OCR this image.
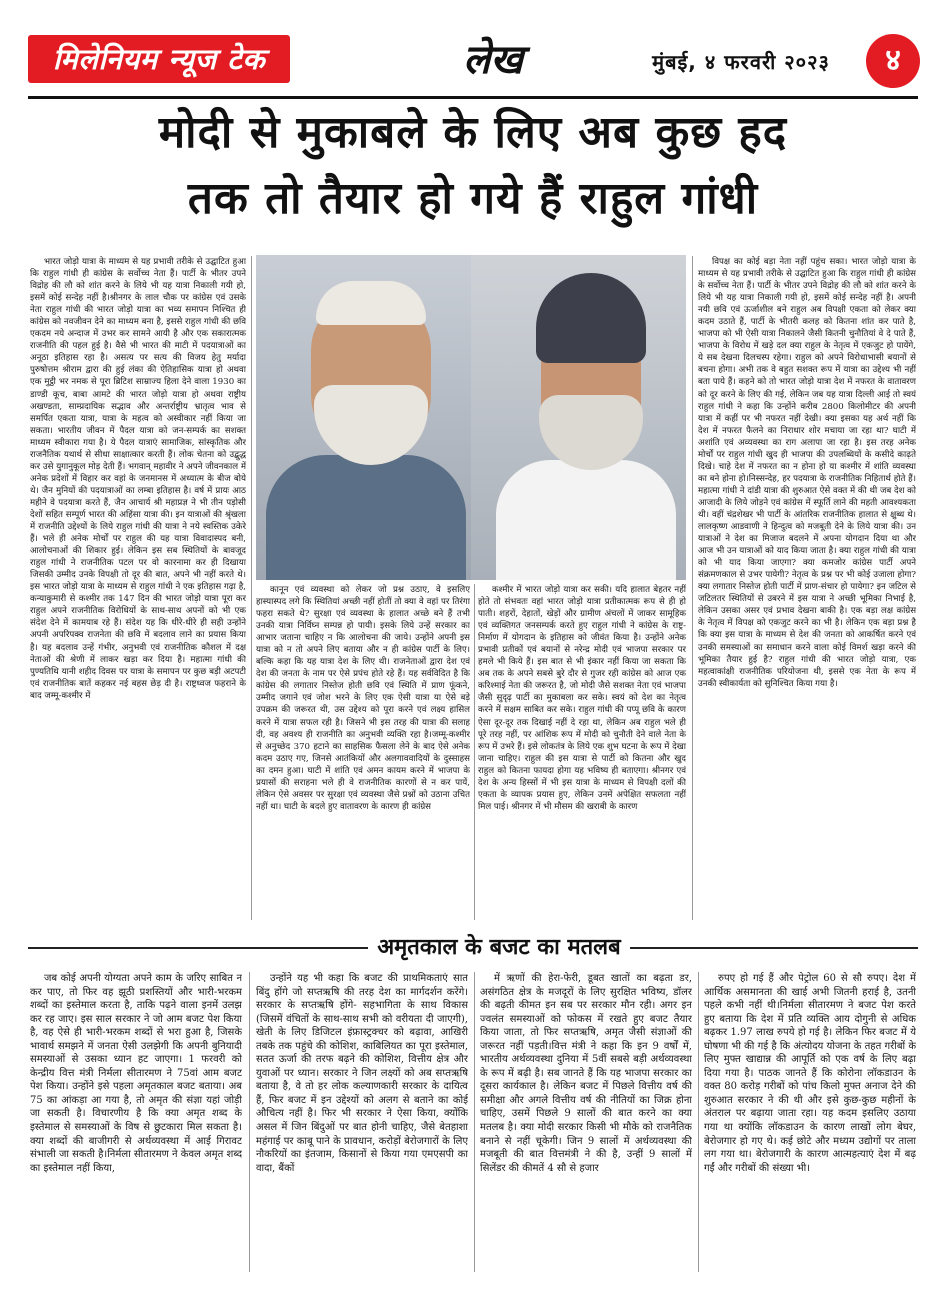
मिलेनियम न्यूज टेक	लेख	मुंबई, ४ फरवरी २०२३	४
मोदी से मुकाबले के लिए अब कुछ हद
तक तो तैयार हो गये हैं राहुल गांधी

भारत जोड़ो यात्रा के माध्यम से यह प्रभावी तरीके से उद्घाटित हुआ कि राहुल गांधी ही कांग्रेस के सर्वोच्च नेता हैं। पार्टी के भीतर उपने विद्रोह की लौ को शांत करने के लिये भी यह यात्रा निकाली गयी हो, इसमें कोई सन्देह नहीं है।श्रीनगर के लाल चौक पर कांग्रेस एवं उसके नेता राहुल गांधी की भारत जोड़ो यात्रा का भव्य समापन निश्चित ही कांग्रेस को नवजीवन देने का माध्यम बना है, इससे राहुल गांधी की छवि एकदम नये अन्दाज में उभर कर सामने आयी है और एक सकारात्मक राजनीति की पहल हुई है। वैसे भी भारत की माटी में पदयात्राओं का अनूठा इतिहास रहा है। असत्य पर सत्य की विजय हेतु मर्यादा पुरुषोत्तम श्रीराम द्वारा की हुई लंका की ऐतिहासिक यात्रा हो अथवा एक मुट्ठी भर नमक से पूरा ब्रिटिश साम्राज्य हिला देने वाला 1930 का डाण्डी कूच, बाबा आमटे की भारत जोड़ो यात्रा हो अथवा राष्ट्रीय अखण्डता, साम्प्रदायिक सद्भाव और अन्तर्राष्ट्रीय भ्रातृत्व भाव से समर्पित एकता यात्रा, यात्रा के महत्व को अस्वीकार नहीं किया जा सकता। भारतीय जीवन में पैदल यात्रा को जन-सम्पर्क का सशक्त माध्यम स्वीकारा गया है। ये पैदल यात्राएं सामाजिक, सांस्कृतिक और राजनैतिक यथार्थ से सीधा साक्षात्कार करती हैं। लोक चेतना को उद्बुद्ध कर उसे युगानुकूल मोड़ देती हैं। भगवान् महावीर ने अपने जीवनकाल में अनेक प्रदेशों में विहार कर वहां के जनमानस में अध्यात्म के बीज बोये थे। जैन मुनियों की पदयात्राओं का लम्बा इतिहास है। वर्ष में प्रायः आठ महीने वे पदयात्रा करते हैं, जैन आचार्य श्री महाप्रज्ञ ने भी तीन पड़ोसी देशों सहित सम्पूर्ण भारत की अहिंसा यात्रा की। इन यात्राओं की श्रृंखला में राजनीति उद्देश्यों के लिये राहुल गांधी की यात्रा ने नये स्वस्तिक उकेरे हैं। भले ही अनेक मोर्चों पर राहुल की यह यात्रा विवादास्पद बनी, आलोचनाओं की शिकार हुई। लेकिन इस सब स्थितियों के बावजूद राहुल गांधी ने राजनीतिक पटल पर वो कारनामा कर ही दिखाया जिसकी उम्मीद उनके विपक्षी तो दूर की बात, अपने भी नहीं करते थे। इस भारत जोड़ो यात्रा के माध्यम से राहुल गांधी ने एक इतिहास गढ़ा है, कन्याकुमारी से कश्मीर तक 147 दिन की भारत जोड़ो यात्रा पूरा कर राहुल अपने राजनीतिक विरोधियों के साथ-साथ अपनों को भी एक संदेश देने में कामयाब रहे हैं। संदेश यह कि धीरे-धीरे ही सही उन्होंने अपनी अपरिपक्व राजनेता की छवि में बदलाव लाने का प्रयास किया है। यह बदलाव उन्हें गंभीर, अनुभवी एवं राजनीतिक कौशल में दक्ष नेताओं की श्रेणी में लाकर खड़ा कर दिया है। महात्मा गांधी की पुण्यतिथि यानी शहीद दिवस पर यात्रा के समापन पर कुछ बड़ी अटपटी एवं राजनीतिक बातें कहकर नई बहस छेड़ दी है। राष्ट्रध्वज फहराने के बाद जम्मू-कश्मीर में

कानून एवं व्यवस्था को लेकर जो प्रश्न उठाए, वे इसलिए हास्यास्पद लगे कि स्थितियां अच्छी नहीं होतीं तो क्या वे वहां पर तिरंगा फहरा सकते थे? सुरक्षा एवं व्यवस्था के हालात अच्छे बने हैं तभी उनकी यात्रा निर्विघ्न सम्पन्न हो पायी। इसके लिये उन्हें सरकार का आभार जताना चाहिए न कि आलोचना की जाये। उन्होंने अपनी इस यात्रा को न तो अपने लिए बताया और न ही कांग्रेस पार्टी के लिए। बल्कि कहा कि यह यात्रा देश के लिए थी। राजनेताओं द्वारा देश एवं देश की जनता के नाम पर ऐसे प्रपंच होते रहे हैं। यह सर्वविदित है कि कांग्रेस की लगातार निस्तेज होती छवि एवं स्थिति में प्राण फूंकने, उम्मीद जगाने एवं जोश भरने के लिए एक ऐसी यात्रा या ऐसे बड़े उपक्रम की जरूरत थी, उस उद्देश्य को पूरा करने एवं लक्ष्य हासिल करने में यात्रा सफल रही है। जिसने भी इस तरह की यात्रा की सलाह दी, वह अवश्य ही राजनीति का अनुभवी व्यक्ति रहा है।जम्मू-कश्मीर से अनुच्छेद 370 हटाने का साहसिक फैसला लेने के बाद ऐसे अनेक कदम उठाए गए, जिनसे आतंकियों और अलगाववादियों के दुस्साहस का दमन हुआ। घाटी में शांति एवं अमन कायम करने में भाजपा के प्रयासों की सराहना भले ही वे राजनीतिक कारणों से न कर पायें, लेकिन ऐसे अवसर पर सुरक्षा एवं व्यवस्था जैसे प्रश्नों को उठाना उचित नहीं था। घाटी के बदले हुए वातावरण के कारण ही कांग्रेस

कश्मीर में भारत जोड़ो यात्रा कर सकी। यदि हालात बेहतर नहीं होते तो संभवतः वहां भारत जोड़ो यात्रा प्रतीकात्मक रूप से ही हो पाती। शहरों, देहातों, खेड़ों और ग्रामीण अंचलों में जाकर सामूहिक एवं व्यक्तिगत जनसम्पर्क करते हुए राहुल गांधी ने कांग्रेस के राष्ट्र-निर्माण में योगदान के इतिहास को जीवंत किया है। उन्होंने अनेक प्रभावी प्रतीकों एवं बयानों से नरेन्द्र मोदी एवं भाजपा सरकार पर हमले भी किये हैं। इस बात से भी इंकार नहीं किया जा सकता कि अब तक के अपने सबसे बुरे दौर से गुजर रही कांग्रेस को आज एक करिश्माई नेता की जरूरत है, जो मोदी जैसे सशक्त नेता एवं भाजपा जैसी सुदृढ़ पार्टी का मुकाबला कर सके। स्वयं को देश का नेतृत्व करने में सक्षम साबित कर सके। राहुल गांधी की पप्पू छवि के कारण ऐसा दूर-दूर तक दिखाई नहीं दे रहा था, लेकिन अब राहुल भले ही पूरे तरह नहीं, पर आंशिक रूप में मोदी को चुनौती देने वाले नेता के रूप में उभरे हैं। इसे लोकतंत्र के लिये एक शुभ घटना के रूप में देखा जाना चाहिए। राहुल की इस यात्रा से पार्टी को कितना और खुद राहुल को कितना फायदा होगा यह भविष्य ही बताएगा। श्रीनगर एवं देश के अन्य हिस्सों में भी इस यात्रा के माध्यम से विपक्षी दलों की एकता के व्यापक प्रयास हुए, लेकिन उनमें अपेक्षित सफलता नहीं मिल पाई। श्रीनगर में भी मौसम की खराबी के कारण

विपक्ष का कोई बड़ा नेता नहीं पहुंच सका। भारत जोड़ो यात्रा के माध्यम से यह प्रभावी तरीके से उद्घाटित हुआ कि राहुल गांधी ही कांग्रेस के सर्वोच्च नेता हैं। पार्टी के भीतर उपने विद्रोह की लौ को शांत करने के लिये भी यह यात्रा निकाली गयी हो, इसमें कोई सन्देह नहीं है। अपनी नयी छवि एवं ऊर्जाशील बने राहुल अब विपक्षी एकता को लेकर क्या कदम उठाते हैं, पार्टी के भीतरी कलह को कितना शांत कर पाते है, भाजपा को भी ऐसी यात्रा निकालने जैसी कितनी चुनौतियां वे दे पाते हैं, भाजपा के विरोध में खड़े दल क्या राहुल के नेतृत्व में एकजुट हो पायेंगे, ये सब देखना दिलचस्प रहेगा। राहुल को अपने विरोधाभासी बयानों से बचना होगा। अभी तक वे बहुत सशक्त रूप में यात्रा का उद्देश्य भी नहीं बता पाये हैं। कहने को तो भारत जोड़ो यात्रा देश में नफरत के वातावरण को दूर करने के लिए की गई, लेकिन जब यह यात्रा दिल्ली आई तो स्वयं राहुल गांधी ने कहा कि उन्होंने करीब 2800 किलोमीटर की अपनी यात्रा में कहीं पर भी नफरत नहीं देखी। क्या इसका यह अर्थ नहीं कि देश में नफरत फैलने का निराधार शोर मचाया जा रहा था? घाटी में अशांति एवं अव्यवस्था का राग अलापा जा रहा है। इस तरह अनेक मोर्चों पर राहुल गांधी खुद ही भाजपा की उपलब्धियों के कसीदे काढ़ते दिखे। चाहे देश में नफरत का न होना हो या कश्मीर में शांति व्यवस्था का बने होना हो।निस्सन्देह, हर पदयात्रा के राजनीतिक निहितार्थ होते हैं। महात्मा गांधी ने दांडी यात्रा की शुरुआत ऐसे वक्त में की थी जब देश को आजादी के लिये जोड़ने एवं कांग्रेस में स्फूर्ति लाने की महती आवश्यकता थी। वहीं चंद्रशेखर भी पार्टी के आंतरिक राजनीतिक हालात से क्षुब्ध थे। लालकृष्ण आडवाणी ने हिन्दुत्व को मजबूती देने के लिये यात्रा की। उन यात्राओं ने देश का मिजाज बदलने में अपना योगदान दिया था और आज भी उन यात्राओं को याद किया जाता है। क्या राहुल गांधी की यात्रा को भी याद किया जाएगा? क्या कमजोर कांग्रेस पार्टी अपने संक्रमणकाल से उभर पायेगी? नेतृत्व के प्रश्न पर भी कोई उजाला होगा? क्या लगातार निस्तेज होती पार्टी में प्राण-संचार हो पायेगा? इन जटिल से जटिलतर स्थितियों से उबरने में इस यात्रा ने अच्छी भूमिका निभाई है, लेकिन उसका असर एवं प्रभाव देखना बाकी है। एक बड़ा लक्ष कांग्रेस के नेतृत्व में विपक्ष को एकजुट करने का भी है। लेकिन एक बड़ा प्रश्न है कि क्या इस यात्रा के माध्यम से देश की जनता को आकर्षित करने एवं उनकी समस्याओं का समाधान करने वाला कोई विमर्श खड़ा करने की भूमिका तैयार हुई है? राहुल गांधी की भारत जोड़ो यात्रा, एक महत्वाकांक्षी राजनीतिक परियोजना थी, इससे एक नेता के रूप में उनकी स्वीकार्यता को सुनिश्चित किया गया है।

अमृतकाल के बजट का मतलब

जब कोई अपनी योग्यता अपने काम के जरिए साबित न कर पाए, तो फिर वह झूठी प्रशस्तियों और भारी-भरकम शब्दों का इस्तेमाल करता है, ताकि पढ़ने वाला इनमें उलझ कर रह जाए। इस साल सरकार ने जो आम बजट पेश किया है, वह ऐसे ही भारी-भरकम शब्दों से भरा हुआ है, जिसके भावार्थ समझने में जनता ऐसी उलझेगी कि अपनी बुनियादी समस्याओं से उसका ध्यान हट जाएगा। 1 फरवरी को केन्द्रीय वित्त मंत्री निर्मला सीतारमण ने 75वां आम बजट पेश किया। उन्होंने इसे पहला अमृतकाल बजट बताया। अब 75 का आंकड़ा आ गया है, तो अमृत की संज्ञा यहां जोड़ी जा सकती है। विचारणीय है कि क्या अमृत शब्द के इस्तेमाल से समस्याओं के विष से छुटकारा मिल सकता है। क्या शब्दों की बाजीगरी से अर्थव्यवस्था में आई गिरावट संभाली जा सकती है।निर्मला सीतारमण ने केवल अमृत शब्द का इस्तेमाल नहीं किया,

उन्होंने यह भी कहा कि बजट की प्राथमिकताएं सात बिंदु होंगे जो सप्तऋषि की तरह देश का मार्गदर्शन करेंगे। सरकार के सप्तऋषि होंगे- सहभागिता के साथ विकास (जिसमें वंचितों के साथ-साथ सभी को वरीयता दी जाएगी), खेती के लिए डिजिटल इंफ्रास्ट्रक्चर को बढ़ावा, आखिरी तबके तक पहुंचे की कोशिश, काबिलियत का पूरा इस्तेमाल, सतत ऊर्जा की तरफ बढ़ने की कोशिश, वित्तीय क्षेत्र और युवाओं पर ध्यान। सरकार ने जिन लक्ष्यों को अब सप्तऋषि बताया है, वे तो हर लोक कल्याणकारी सरकार के दायित्व हैं, फिर बजट में इन उद्देश्यों को अलग से बताने का कोई औचित्य नहीं है। फिर भी सरकार ने ऐसा किया, क्योंकि असल में जिन बिंदुओं पर बात होनी चाहिए, जैसे बेतहाशा महंगाई पर काबू पाने के प्रावधान, करोड़ों बेरोजगारों के लिए नौकरियों का इंतजाम, किसानों से किया गया एमएसपी का वादा, बैंकों

में ऋणों की हेरा-फेरी, डूबत खातों का बढ़ता डर, असंगठित क्षेत्र के मजदूरों के लिए सुरक्षित भविष्य, डॉलर की बढ़ती कीमत इन सब पर सरकार मौन रही। अगर इन ज्वलंत समस्याओं को फोकस में रखते हुए बजट तैयार किया जाता, तो फिर सप्तऋषि, अमृत जैसी संज्ञाओं की जरूरत नहीं पड़ती।वित्त मंत्री ने कहा कि इन 9 वर्षों में, भारतीय अर्थव्यवस्था दुनिया में 5वीं सबसे बड़ी अर्थव्यवस्था के रूप में बढ़ी है। सब जानते हैं कि यह भाजपा सरकार का दूसरा कार्यकाल है। लेकिन बजट में पिछले वित्तीय वर्ष की समीक्षा और अगले वित्तीय वर्ष की नीतियों का जिक्र होना चाहिए, उसमें पिछले 9 सालों की बात करने का क्या मतलब है। क्या मोदी सरकार किसी भी मौके को राजनैतिक बनाने से नहीं चूकेगी। जिन 9 सालों में अर्थव्यवस्था की मजबूती की बात वित्तमंत्री ने की है, उन्हीं 9 सालों में सिलेंडर की कीमतें 4 सौ से हजार

रुपए हो गई हैं और पेट्रोल 60 से सौ रुपए। देश में आर्थिक असमानता की खाई अभी जितनी हराई है, उतनी पहले कभी नहीं थी।निर्मला सीतारमण ने बजट पेश करते हुए बताया कि देश में प्रति व्यक्ति आय दोगुनी से अधिक बढ़कर 1.97 लाख रुपये हो गई है। लेकिन फिर बजट में ये घोषणा भी की गई है कि अंत्योदय योजना के तहत गरीबों के लिए मुफ्त खाद्यान्न की आपूर्ति को एक वर्ष के लिए बढ़ा दिया गया है। पाठक जानते हैं कि कोरोना लॉकडाउन के वक्त 80 करोड़ गरीबों को पांच किलो मुफ्त अनाज देने की शुरुआत सरकार ने की थी और इसे कुछ-कुछ महीनों के अंतराल पर बढ़ाया जाता रहा। यह कदम इसलिए उठाया गया था क्योंकि लॉकडाउन के कारण लाखों लोग बेघर, बेरोजगार हो गए थे। कई छोटे और मध्यम उद्योगों पर ताला लग गया था। बेरोजगारी के कारण आत्महत्याएं देश में बढ़ गईं और गरीबों की संख्या भी।
